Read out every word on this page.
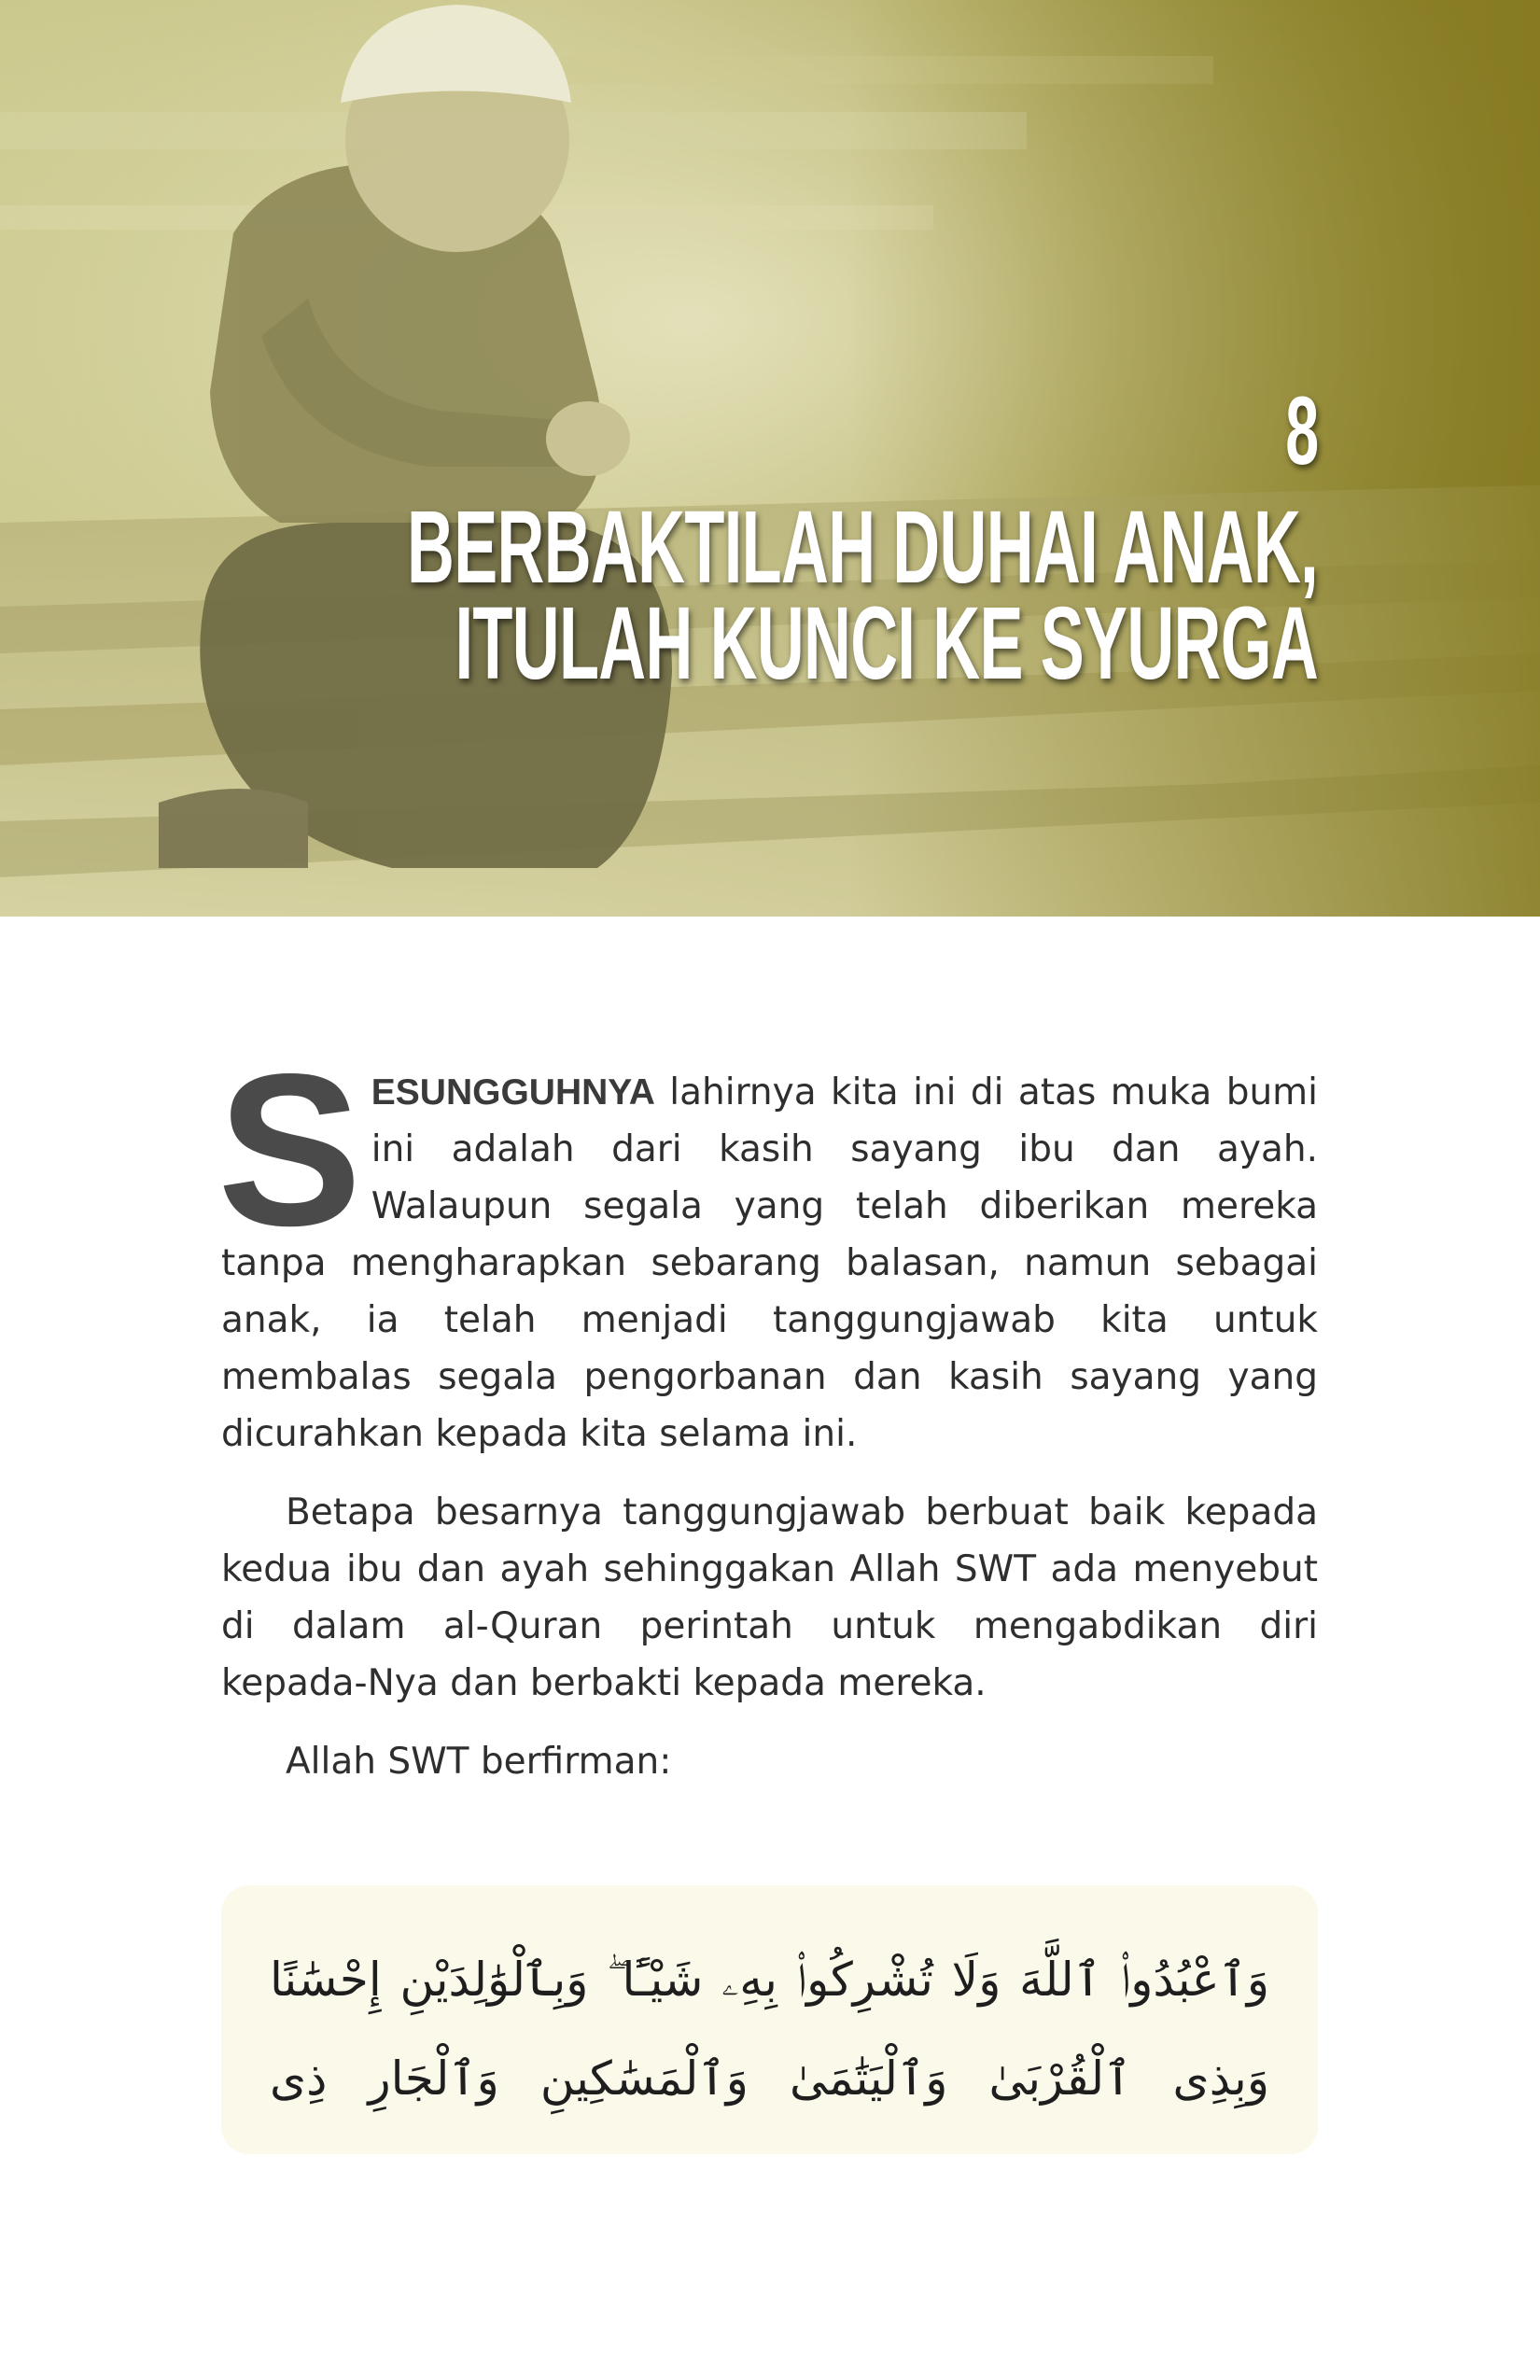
8
BERBAKTILAH DUHAI ANAK,
ITULAH KUNCI KE SYURGA

SESUNGGUHNYA lahirnya kita ini di atas muka bumi ini adalah dari kasih sayang ibu dan ayah. Walaupun segala yang telah diberikan mereka tanpa mengharapkan sebarang balasan, namun sebagai anak, ia telah menjadi tanggungjawab kita untuk membalas segala pengorbanan dan kasih sayang yang dicurahkan kepada kita selama ini.

Betapa besarnya tanggungjawab berbuat baik kepada kedua ibu dan ayah sehinggakan Allah SWT ada menyebut di dalam al-Quran perintah untuk mengabdikan diri kepada-Nya dan berbakti kepada mereka.

Allah SWT berfirman:

وَٱعْبُدُوا۟ ٱللَّهَ وَلَا تُشْرِكُوا۟ بِهِۦ شَيْـًٔا ۖ وَبِٱلْوَٰلِدَيْنِ إِحْسَٰنًا
وَبِذِى ٱلْقُرْبَىٰ وَٱلْيَتَٰمَىٰ وَٱلْمَسَٰكِينِ وَٱلْجَارِ ذِى
